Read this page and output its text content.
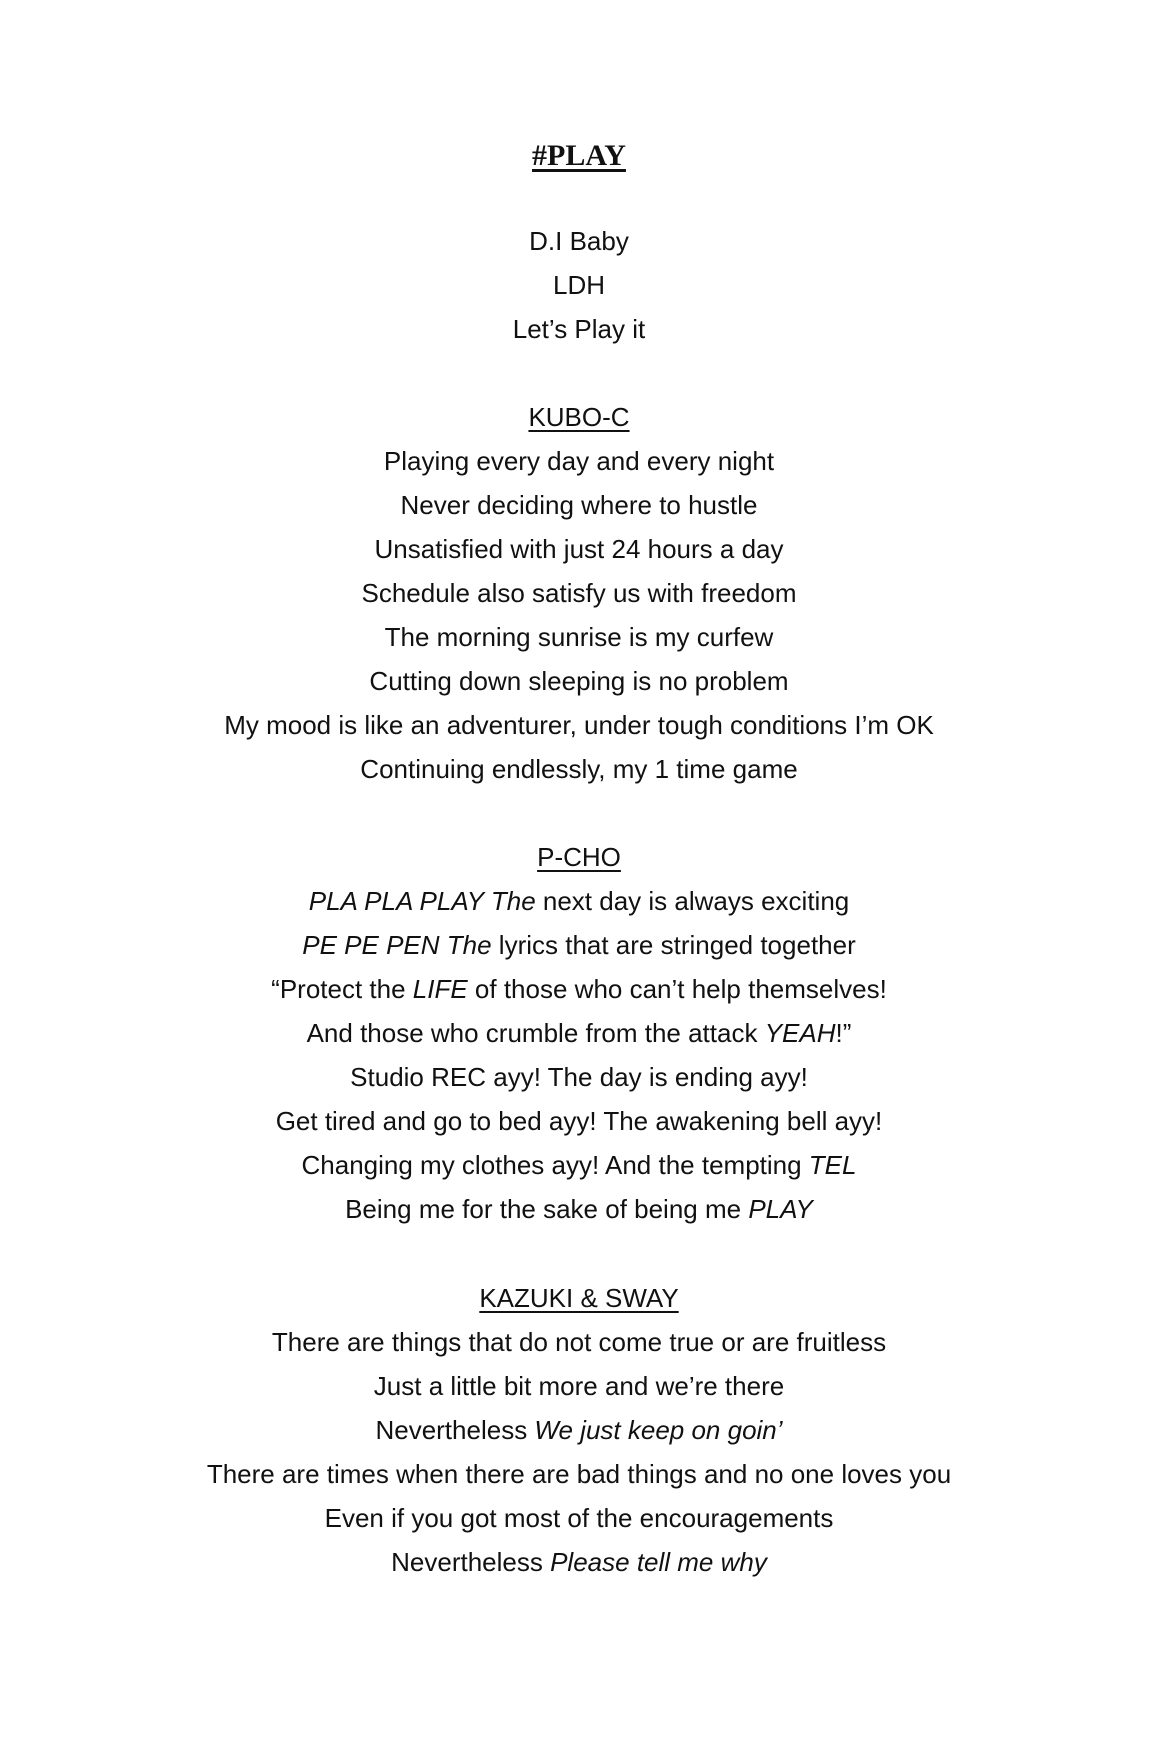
#PLAY
D.I Baby
LDH
Let’s Play it
KUBO-C
Playing every day and every night
Never deciding where to hustle
Unsatisfied with just 24 hours a day
Schedule also satisfy us with freedom
The morning sunrise is my curfew
Cutting down sleeping is no problem
My mood is like an adventurer, under tough conditions I’m OK
Continuing endlessly, my 1 time game
P-CHO
PLA PLA PLAY The next day is always exciting
PE PE PEN The lyrics that are stringed together
“Protect the LIFE of those who can’t help themselves!
And those who crumble from the attack YEAH!”
Studio REC ayy! The day is ending ayy!
Get tired and go to bed ayy! The awakening bell ayy!
Changing my clothes ayy! And the tempting TEL
Being me for the sake of being me PLAY
KAZUKI & SWAY
There are things that do not come true or are fruitless
Just a little bit more and we’re there
Nevertheless We just keep on goin’
There are times when there are bad things and no one loves you
Even if you got most of the encouragements
Nevertheless Please tell me why
